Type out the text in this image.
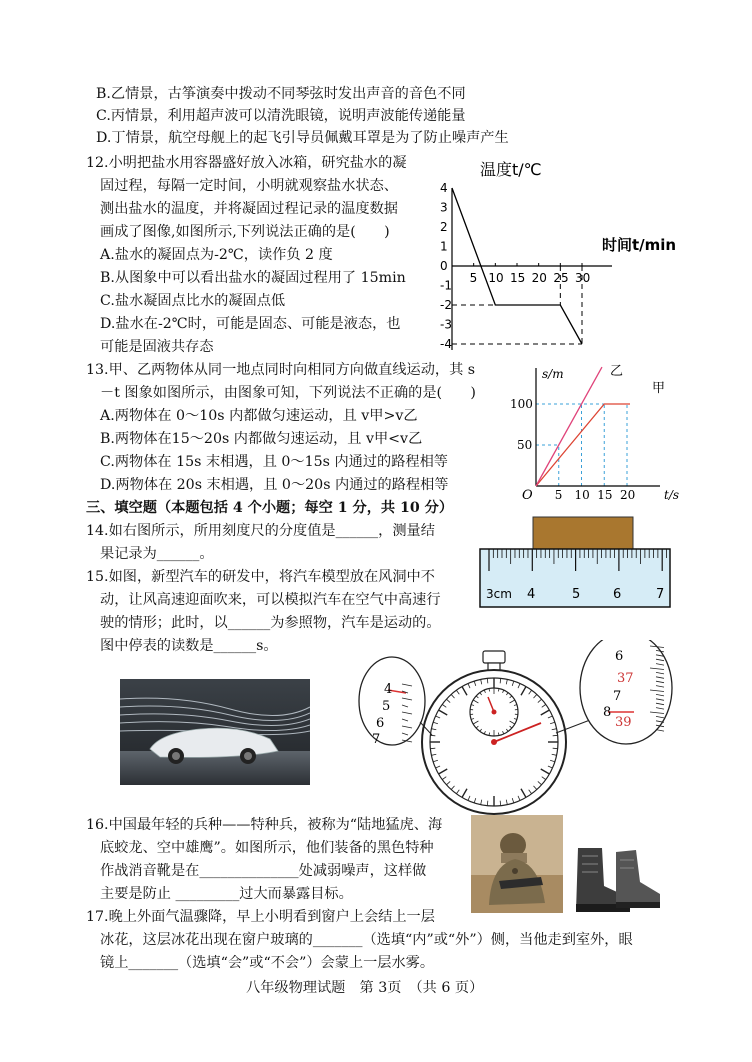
B.乙情景，古筝演奏中拨动不同琴弦时发出声音的音色不同
C.丙情景，利用超声波可以清洗眼镜，说明声波能传递能量
D.丁情景，航空母舰上的起飞引导员佩戴耳罩是为了防止噪声产生
12.小明把盐水用容器盛好放入冰箱，研究盐水的凝
固过程，每隔一定时间，小明就观察盐水状态、
测出盐水的温度，并将凝固过程记录的温度数据
画成了图像,如图所示,下列说法正确的是(　　)
A.盐水的凝固点为-2℃，读作负 2 度
B.从图象中可以看出盐水的凝固过程用了 15min
C.盐水凝固点比水的凝固点低
D.盐水在-2℃时，可能是固态、可能是液态，也
可能是固液共存态
13.甲、乙两物体从同一地点同时向相同方向做直线运动，其 s
－t 图象如图所示，由图象可知，下列说法不正确的是(　　)
A.两物体在 0～10s 内都做匀速运动，且 v甲>v乙
B.两物体在15～20s 内都做匀速运动，且 v甲<v乙
C.两物体在 15s 末相遇，且 0～15s 内通过的路程相等
D.两物体在 20s 末相遇，且 0～20s 内通过的路程相等
三、填空题（本题包括 4 个小题；每空 1 分，共 10 分）
14.如右图所示，所用刻度尺的分度值是______，测量结
果记录为______。
15.如图，新型汽车的研发中，将汽车模型放在风洞中不
动，让风高速迎面吹来，可以模拟汽车在空气中高速行
驶的情形；此时，以______为参照物，汽车是运动的。
图中停表的读数是______s。
16.中国最年轻的兵种——特种兵，被称为“陆地猛虎、海
底蛟龙、空中雄鹰”。如图所示，他们装备的黑色特种
作战消音靴是在______________处减弱噪声，这样做
主要是防止 _________过大而暴露目标。
17.晚上外面气温骤降，早上小明看到窗户上会结上一层
冰花，这层冰花出现在窗户玻璃的_______（选填“内”或“外”）侧，当他走到室外，眼
镜上_______（选填“会”或“不会”）会蒙上一层水雾。
八年级物理试题　第 3页　（共 6 页）
温度t/℃
时间t/min
4
3
2
1
0
-1
-2
-3
-4
5 10 15 20 25 30
s/m
t/s
O
50
100
5 10 15 20
乙
甲
3cm 4	5	6	7
4
5
6
7
6
37
7
8
39
